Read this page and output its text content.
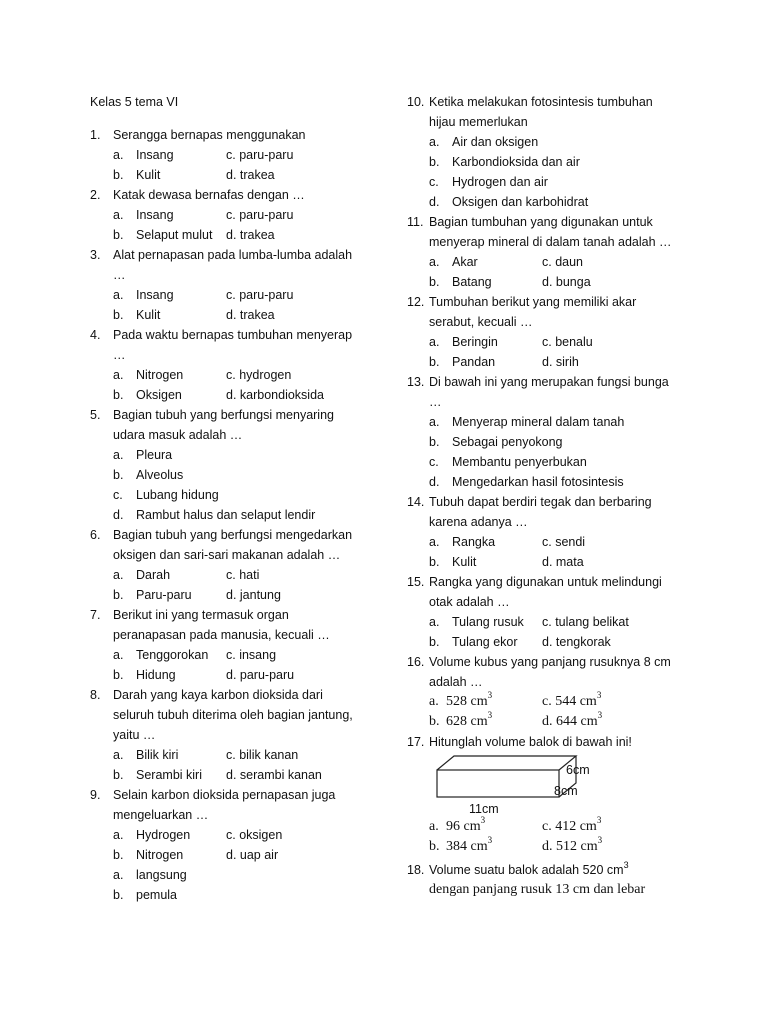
Kelas 5 tema VI
1. Serangga bernapas menggunakan
a. Insang	c. paru-paru
b. Kulit	d. trakea
2. Katak dewasa bernafas dengan …
a. Insang	c. paru-paru
b. Selaput mulut d. trakea
3. Alat pernapasan pada lumba-lumba adalah
…
a. Insang	c. paru-paru
b. Kulit	d. trakea
4. Pada waktu bernapas tumbuhan menyerap
…
a. Nitrogen	c. hydrogen
b. Oksigen	d. karbondioksida
5. Bagian tubuh yang berfungsi menyaring
udara masuk adalah …
a. Pleura
b. Alveolus
c. Lubang hidung
d. Rambut halus dan selaput lendir
6. Bagian tubuh yang berfungsi mengedarkan
oksigen dan sari-sari makanan adalah …
a. Darah	c. hati
b. Paru-paru	d. jantung
7. Berikut ini yang termasuk organ
peranapasan pada manusia, kecuali …
a. Tenggorokan c. insang
b. Hidung	d. paru-paru
8. Darah yang kaya karbon dioksida dari
seluruh tubuh diterima oleh bagian jantung,
yaitu …
a. Bilik kiri	c. bilik kanan
b. Serambi kiri d. serambi kanan
9. Selain karbon dioksida pernapasan juga
mengeluarkan …
a. Hydrogen	c. oksigen
b. Nitrogen	d. uap air
a. langsung
b. pemula
10. Ketika melakukan fotosintesis tumbuhan
hijau memerlukan
a. Air dan oksigen
b. Karbondioksida dan air
c. Hydrogen dan air
d. Oksigen dan karbohidrat
11. Bagian tumbuhan yang digunakan untuk
menyerap mineral di dalam tanah adalah …
a. Akar	c. daun
b. Batang	d. bunga
12. Tumbuhan berikut yang memiliki akar
serabut, kecuali …
a. Beringin	c. benalu
b. Pandan	d. sirih
13. Di bawah ini yang merupakan fungsi bunga
…
a. Menyerap mineral dalam tanah
b. Sebagai penyokong
c. Membantu penyerbukan
d. Mengedarkan hasil fotosintesis
14. Tubuh dapat berdiri tegak dan berbaring
karena adanya …
a. Rangka	c. sendi
b. Kulit	d. mata
15. Rangka yang digunakan untuk melindungi
otak adalah …
a. Tulang rusuk c. tulang belikat
b. Tulang ekor d. tengkorak
16. Volume kubus yang panjang rusuknya 8 cm
adalah …
a. 528 $cm^3$	c. 544 $cm^3$
b. 628 $cm^3$	d. 644 $cm^3$
17. Hitunglah volume balok di bawah ini!
a. 96 $cm^3$	c. 412 $cm^3$
b. 384 $cm^3$	d. 512 $cm^3$
18. Volume suatu balok adalah 520 $cm^3$
dengan panjang rusuk 13 cm dan lebar
6cm
8cm
11cm
